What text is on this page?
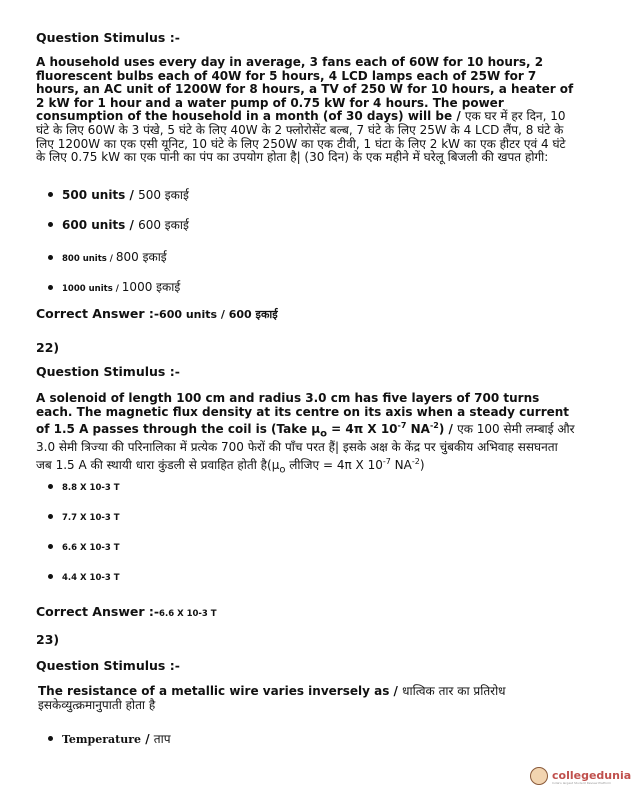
Question Stimulus :-
A household uses every day in average, 3 fans each of 60W for 10 hours, 2 fluorescent bulbs each of 40W for 5 hours, 4 LCD lamps each of 25W for 7 hours, an AC unit of 1200W for 8 hours, a TV of 250 W for 10 hours, a heater of 2 kW for 1 hour and a water pump of 0.75 kW for 4 hours. The power consumption of the household in a month (of 30 days) will be / एक घर में हर दिन, 10 घंटे के लिए 60W के 3 पंखे, 5 घंटे के लिए 40W के 2 फ्लोरोसेंट बल्ब, 7 घंटे के लिए 25W के 4 LCD लैंप, 8 घंटे के लिए 1200W का एक एसी यूनिट, 10 घंटे के लिए 250W का एक टीवी, 1 घंटा के लिए 2 kW का एक हीटर एवं 4 घंटे के लिए 0.75 kW का एक पानी का पंप का उपयोग होता है| (30 दिन) के एक महीने में घरेलू बिजली की खपत होगी:
500 units / 500 इकाई
600 units / 600 इकाई
800 units / 800 इकाई
1000 units / 1000 इकाई
Correct Answer :-600 units / 600 इकाई
22)
Question Stimulus :-
A solenoid of length 100 cm and radius 3.0 cm has five layers of 700 turns each. The magnetic flux density at its centre on its axis when a steady current of 1.5 A passes through the coil is (Take $\mu_o = 4\pi$ X $10^{-7}$ $NA^{-2}$) / एक 100 सेमी लम्बाई और 3.0 सेमी त्रिज्या की परिनालिका में प्रत्येक 700 फेरों की पाँच परत हैं| इसके अक्ष के केंद्र पर चुंबकीय अभिवाह ससघनता जब 1.5 A की स्थायी धारा कुंडली से प्रवाहित होती $है(\mu_o$ लीजिए = 4π X $10^{-7}$ $NA^{-2}$)
8.8 X 10-3 T
7.7 X 10-3 T
6.6 X 10-3 T
4.4 X 10-3 T
Correct Answer :-6.6 X 10-3 T
23)
Question Stimulus :-
The resistance of a metallic wire varies inversely as / धात्विक तार का प्रतिरोध इसकेव्युत्क्रमानुपाती होता है
Temperature / ताप
collegedunia
India's largest Student Review Platform
